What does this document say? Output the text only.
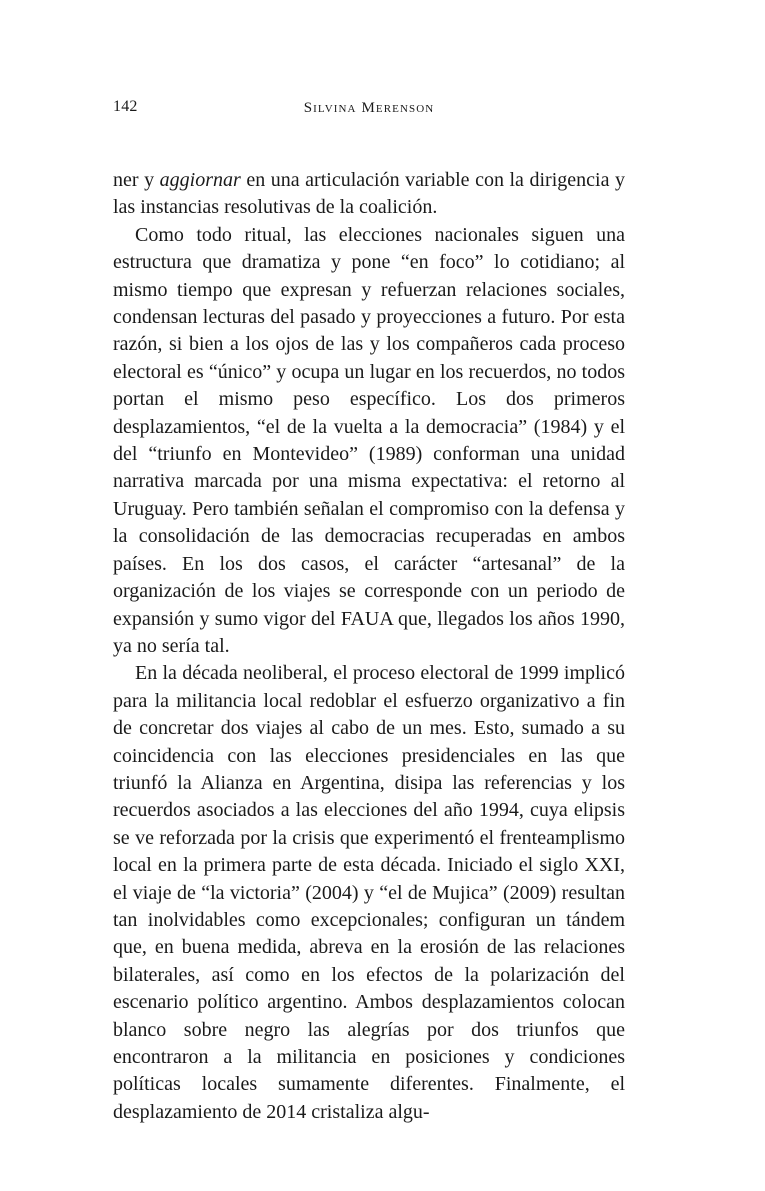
142	Silvina Merenson

ner y aggiornar en una articulación variable con la dirigencia y las instancias resolutivas de la coalición.

Como todo ritual, las elecciones nacionales siguen una estructura que dramatiza y pone “en foco” lo cotidiano; al mismo tiempo que expresan y refuerzan relaciones sociales, condensan lecturas del pasado y proyecciones a futuro. Por esta razón, si bien a los ojos de las y los compañeros cada proceso electoral es “único” y ocupa un lugar en los recuerdos, no todos portan el mismo peso específico. Los dos primeros desplazamientos, “el de la vuelta a la democracia” (1984) y el del “triunfo en Montevideo” (1989) conforman una unidad narrativa marcada por una misma expectativa: el retorno al Uruguay. Pero también señalan el compromiso con la defensa y la consolidación de las democracias recuperadas en ambos países. En los dos casos, el carácter “artesanal” de la organización de los viajes se corresponde con un periodo de expansión y sumo vigor del FAUA que, llegados los años 1990, ya no sería tal.

En la década neoliberal, el proceso electoral de 1999 implicó para la militancia local redoblar el esfuerzo organizativo a fin de concretar dos viajes al cabo de un mes. Esto, sumado a su coincidencia con las elecciones presidenciales en las que triunfó la Alianza en Argentina, disipa las referencias y los recuerdos asociados a las elecciones del año 1994, cuya elipsis se ve reforzada por la crisis que experimentó el frenteamplismo local en la primera parte de esta década. Iniciado el siglo XXI, el viaje de “la victoria” (2004) y “el de Mujica” (2009) resultan tan inolvidables como excepcionales; configuran un tándem que, en buena medida, abreva en la erosión de las relaciones bilaterales, así como en los efectos de la polarización del escenario político argentino. Ambos desplazamientos colocan blanco sobre negro las alegrías por dos triunfos que encontraron a la militancia en posiciones y condiciones políticas locales sumamente diferentes. Finalmente, el desplazamiento de 2014 cristaliza algu-
